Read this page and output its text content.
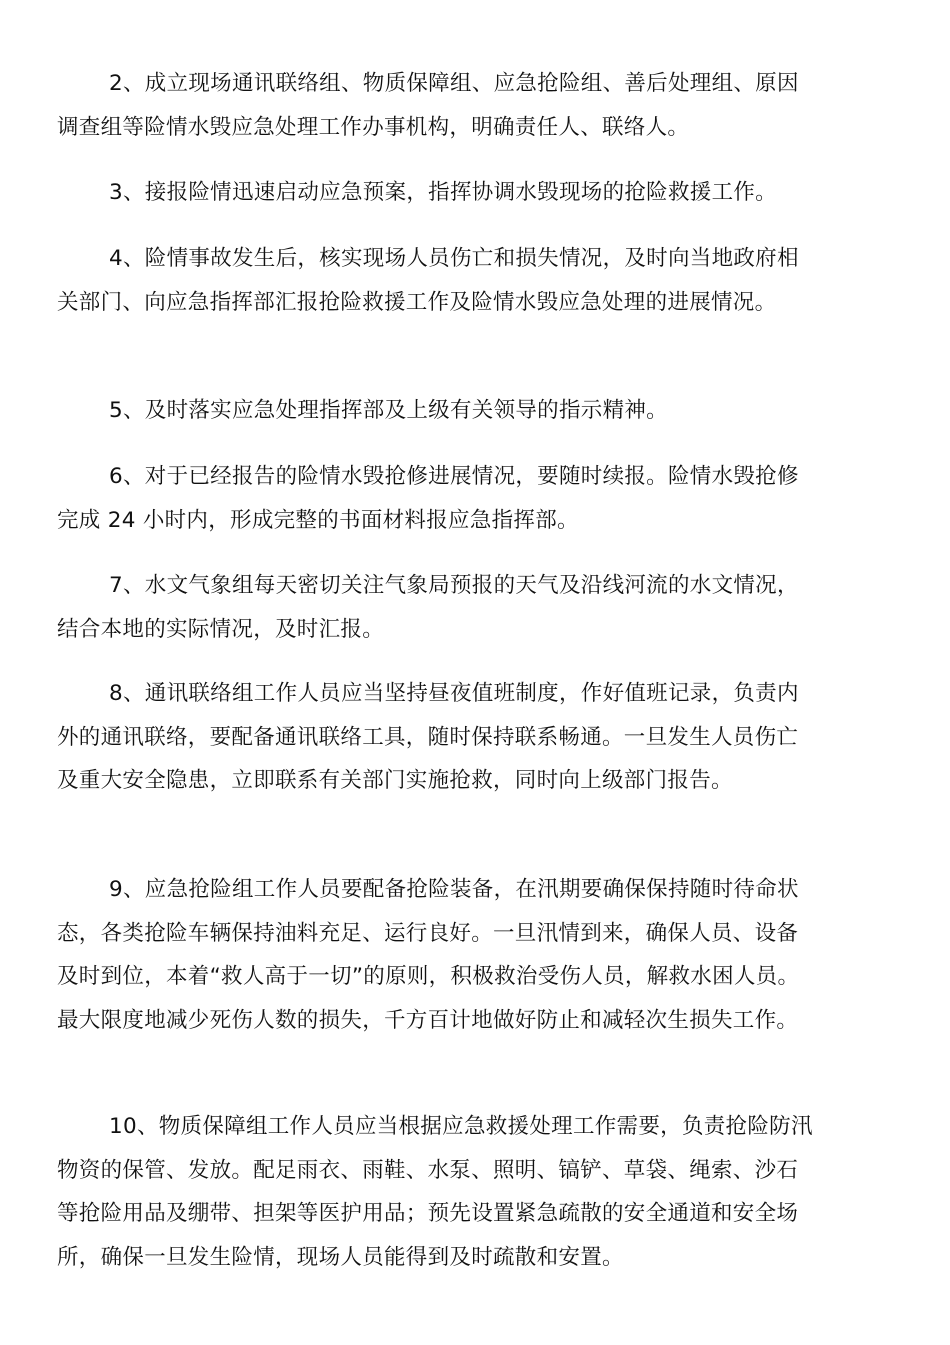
2、成立现场通讯联络组、物质保障组、应急抢险组、善后处理组、原因调查组等险情水毁应急处理工作办事机构，明确责任人、联络人。

3、接报险情迅速启动应急预案，指挥协调水毁现场的抢险救援工作。

4、险情事故发生后，核实现场人员伤亡和损失情况，及时向当地政府相关部门、向应急指挥部汇报抢险救援工作及险情水毁应急处理的进展情况。

5、及时落实应急处理指挥部及上级有关领导的指示精神。

6、对于已经报告的险情水毁抢修进展情况，要随时续报。险情水毁抢修完成 24 小时内，形成完整的书面材料报应急指挥部。

7、水文气象组每天密切关注气象局预报的天气及沿线河流的水文情况，结合本地的实际情况，及时汇报。

8、通讯联络组工作人员应当坚持昼夜值班制度，作好值班记录，负责内外的通讯联络，要配备通讯联络工具，随时保持联系畅通。一旦发生人员伤亡及重大安全隐患，立即联系有关部门实施抢救，同时向上级部门报告。

9、应急抢险组工作人员要配备抢险装备，在汛期要确保保持随时待命状态，各类抢险车辆保持油料充足、运行良好。一旦汛情到来，确保人员、设备及时到位，本着“救人高于一切”的原则，积极救治受伤人员，解救水困人员。最大限度地减少死伤人数的损失，千方百计地做好防止和减轻次生损失工作。

10、物质保障组工作人员应当根据应急救援处理工作需要，负责抢险防汛物资的保管、发放。配足雨衣、雨鞋、水泵、照明、镐铲、草袋、绳索、沙石等抢险用品及绷带、担架等医护用品；预先设置紧急疏散的安全通道和安全场所，确保一旦发生险情，现场人员能得到及时疏散和安置。
